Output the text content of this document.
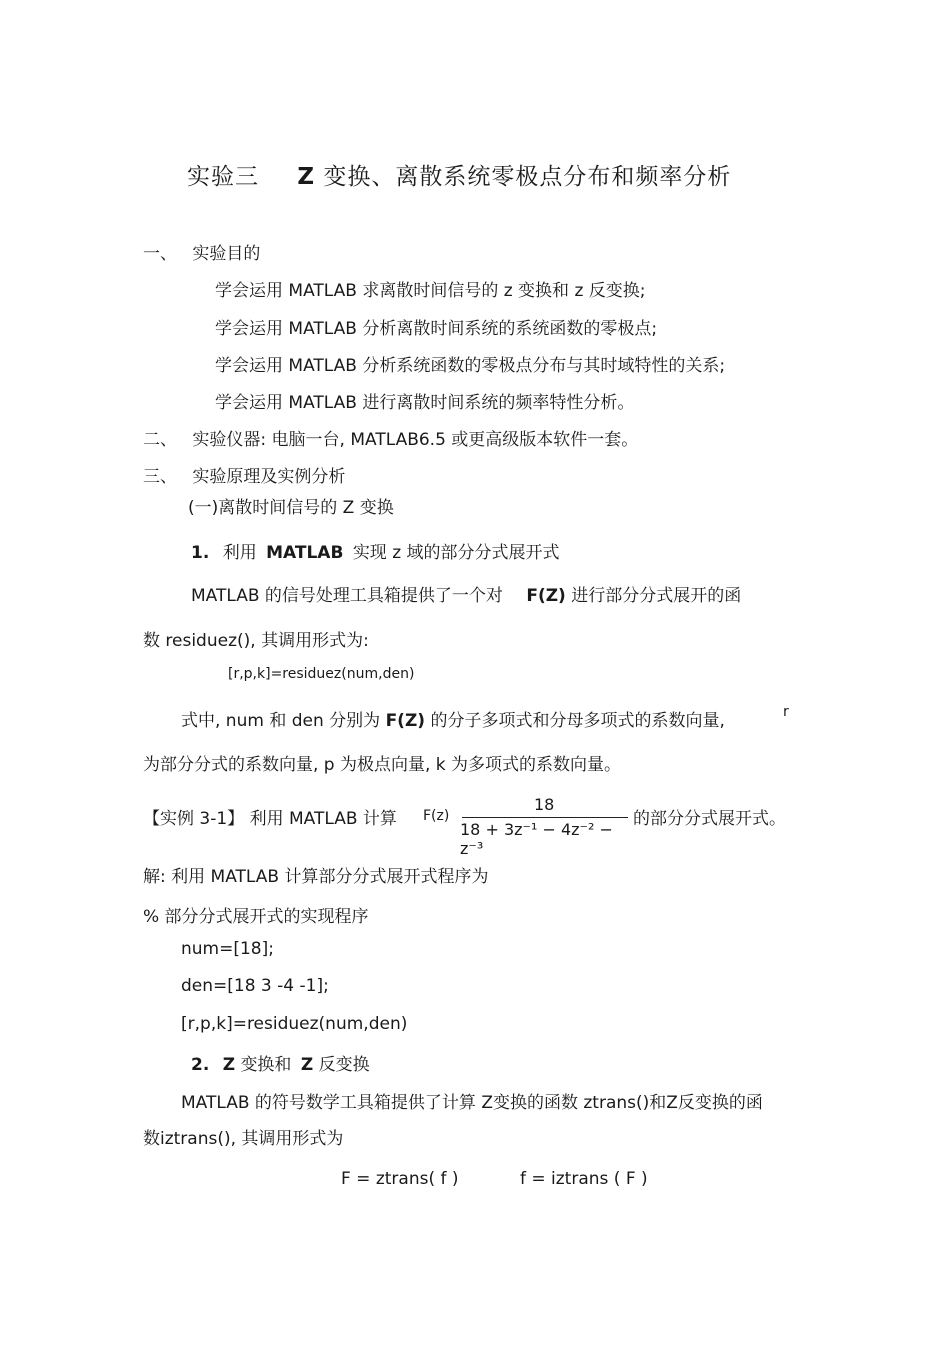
实验三 Z 变换、离散系统零极点分布和频率分析
一、 实验目的
学会运用 MATLAB 求离散时间信号的 z 变换和 z 反变换;
学会运用 MATLAB 分析离散时间系统的系统函数的零极点;
学会运用 MATLAB 分析系统函数的零极点分布与其时域特性的关系;
学会运用 MATLAB 进行离散时间系统的频率特性分析。
二、 实验仪器: 电脑一台, MATLAB6.5 或更高级版本软件一套。
三、 实验原理及实例分析
(一)离散时间信号的 Z 变换
1. 利用 MATLAB 实现 z 域的部分分式展开式
MATLAB 的信号处理工具箱提供了一个对 F(Z) 进行部分分式展开的函
数 residuez(), 其调用形式为:
[r,p,k]=residuez(num,den)
式中, num 和 den 分别为 F(Z) 的分子多项式和分母多项式的系数向量,	r
为部分分式的系数向量, p 为极点向量, k 为多项式的系数向量。
【实例 3-1】 利用 MATLAB 计算 F(z)
18
18 + 3z⁻¹ − 4z⁻² − z⁻³
的部分分式展开式。
解: 利用 MATLAB 计算部分分式展开式程序为
% 部分分式展开式的实现程序
num=[18];
den=[18 3 -4 -1];
[r,p,k]=residuez(num,den)
2. Z 变换和 Z 反变换
MATLAB 的符号数学工具箱提供了计算 Z变换的函数 ztrans()和Z反变换的函
数iztrans(), 其调用形式为
F = ztrans( f )	f = iztrans ( F )
